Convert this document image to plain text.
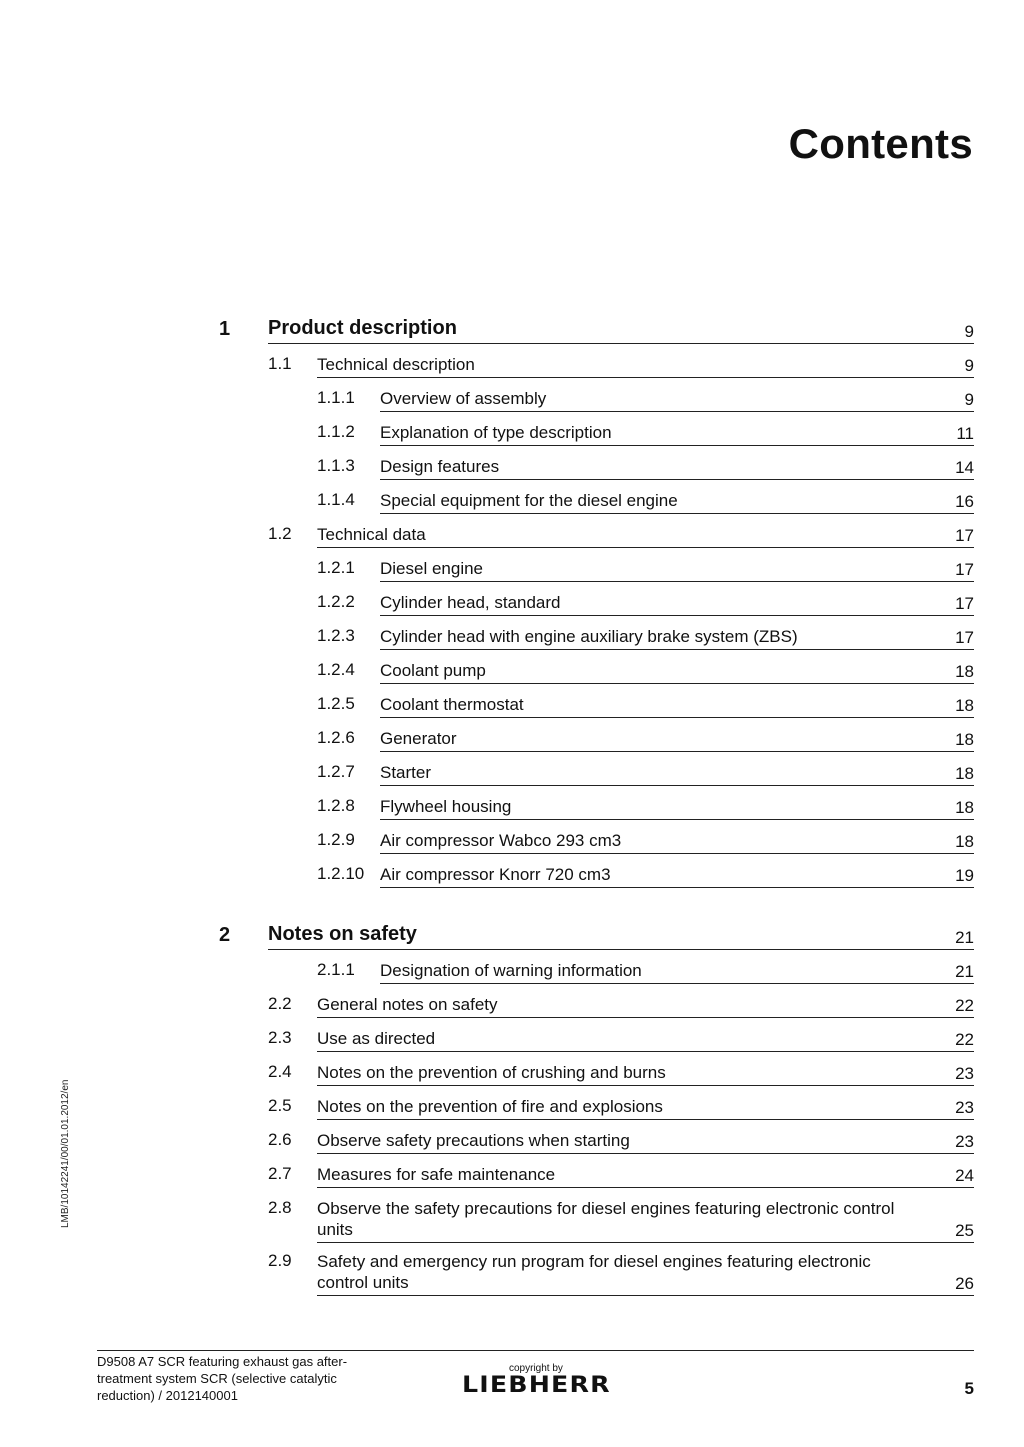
Contents
1 Product description	9
1.1 Technical description	9
1.1.1 Overview of assembly	9
1.1.2 Explanation of type description	11
1.1.3 Design features	14
1.1.4 Special equipment for the diesel engine	16
1.2 Technical data	17
1.2.1 Diesel engine	17
1.2.2 Cylinder head, standard	17
1.2.3 Cylinder head with engine auxiliary brake system (ZBS)	17
1.2.4 Coolant pump	18
1.2.5 Coolant thermostat	18
1.2.6 Generator	18
1.2.7 Starter	18
1.2.8 Flywheel housing	18
1.2.9 Air compressor Wabco 293 cm3	18
1.2.10 Air compressor Knorr 720 cm3	19
2 Notes on safety	21
2.1.1 Designation of warning information	21
2.2 General notes on safety	22
2.3 Use as directed	22
2.4 Notes on the prevention of crushing and burns	23
2.5 Notes on the prevention of fire and explosions	23
2.6 Observe safety precautions when starting	23
2.7 Measures for safe maintenance	24
2.8 Observe the safety precautions for diesel engines featuring electronic control units	25
2.9 Safety and emergency run program for diesel engines featuring electronic control units	26
LMB/10142241/00/01.01.2012/en
D9508 A7 SCR featuring exhaust gas after-treatment system SCR (selective catalytic reduction) / 2012140001
copyright by
LIEBHERR	5
